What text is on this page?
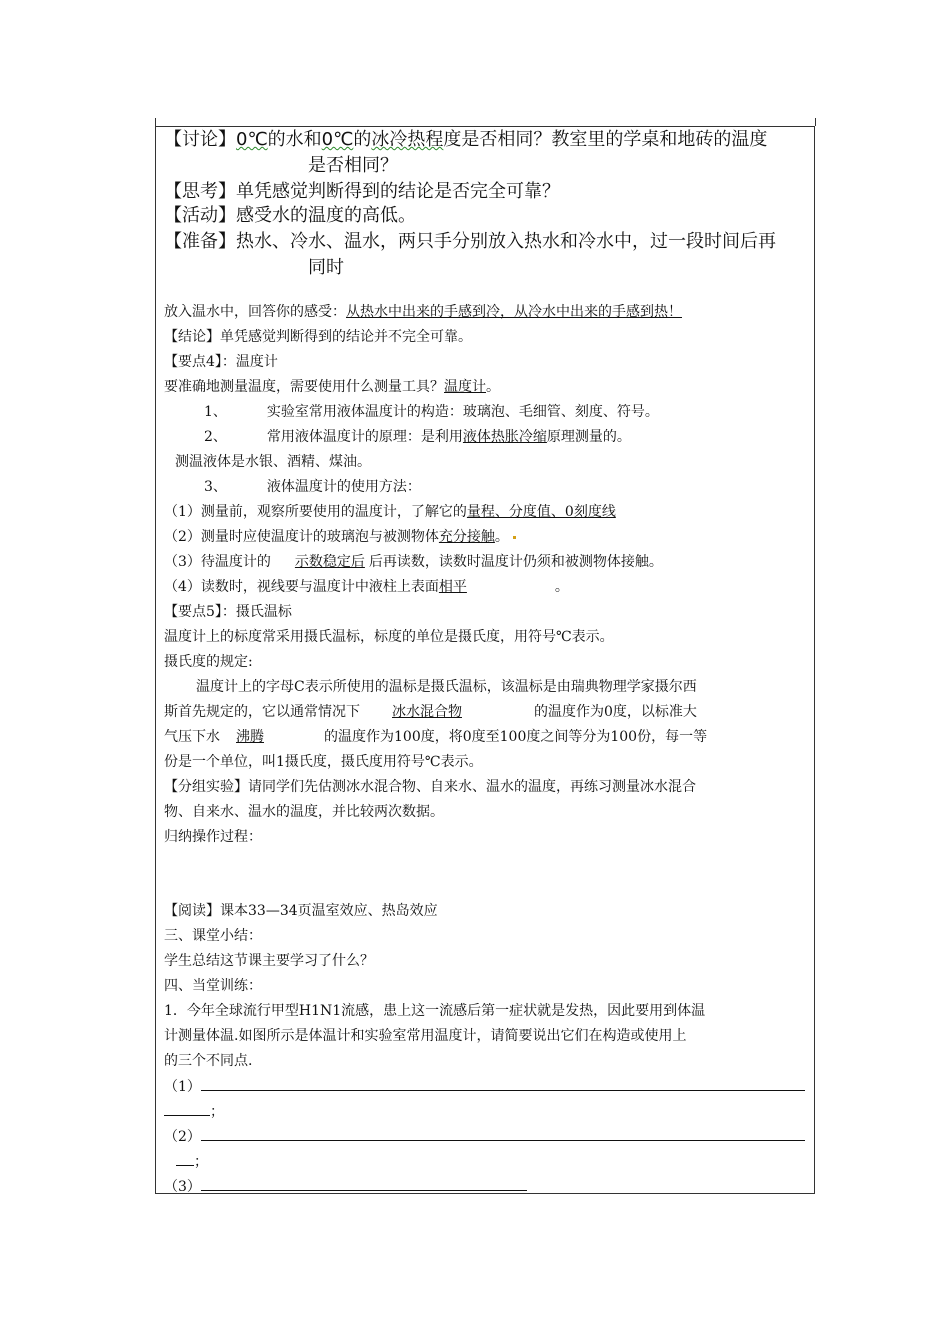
【讨论】0℃的水和0℃的冰冷热程度是否相同？教室里的学桌和地砖的温度
是否相同？
【思考】单凭感觉判断得到的结论是否完全可靠？
【活动】感受水的温度的高低。
【准备】热水、冷水、温水，两只手分别放入热水和冷水中，过一段时间后再
同时
放入温水中，回答你的感受：从热水中出来的手感到冷，从冷水中出来的手感到热！
【结论】单凭感觉判断得到的结论并不完全可靠。
【要点4】：温度计
要准确地测量温度，需要使用什么测量工具？温度计。
1、	实验室常用液体温度计的构造：玻璃泡、毛细管、刻度、符号。
2、	常用液体温度计的原理：是利用液体热胀冷缩原理测量的。
测温液体是水银、酒精、煤油。
3、	液体温度计的使用方法：
（1）测量前，观察所要使用的温度计，了解它的量程、分度值、0刻度线
（2）测量时应使温度计的玻璃泡与被测物体充分接触。
（3）待温度计的 示数稳定后 后再读数，读数时温度计仍须和被测物体接触。
（4）读数时，视线要与温度计中液柱上表面相平	。
【要点5】：摄氏温标
温度计上的标度常采用摄氏温标，标度的单位是摄氏度，用符号℃表示。
摄氏度的规定:
温度计上的字母C表示所使用的温标是摄氏温标，该温标是由瑞典物理学家摄尔西
斯首先规定的，它以通常情况下 冰水混合物	的温度作为0度，以标准大
气压下水 沸腾	的温度作为100度，将0度至100度之间等分为100份，每一等
份是一个单位，叫1摄氏度，摄氏度用符号℃表示。
【分组实验】请同学们先估测冰水混合物、自来水、温水的温度，再练习测量冰水混合
物、自来水、温水的温度，并比较两次数据。
归纳操作过程：
【阅读】课本33—34页温室效应、热岛效应
三、课堂小结：
学生总结这节课主要学习了什么？
四、当堂训练：
1．今年全球流行甲型H1N1流感，患上这一流感后第一症状就是发热，因此要用到体温
计测量体温.如图所示是体温计和实验室常用温度计，请简要说出它们在构造或使用上
的三个不同点.
（1）
；
（2）
；
（3）
